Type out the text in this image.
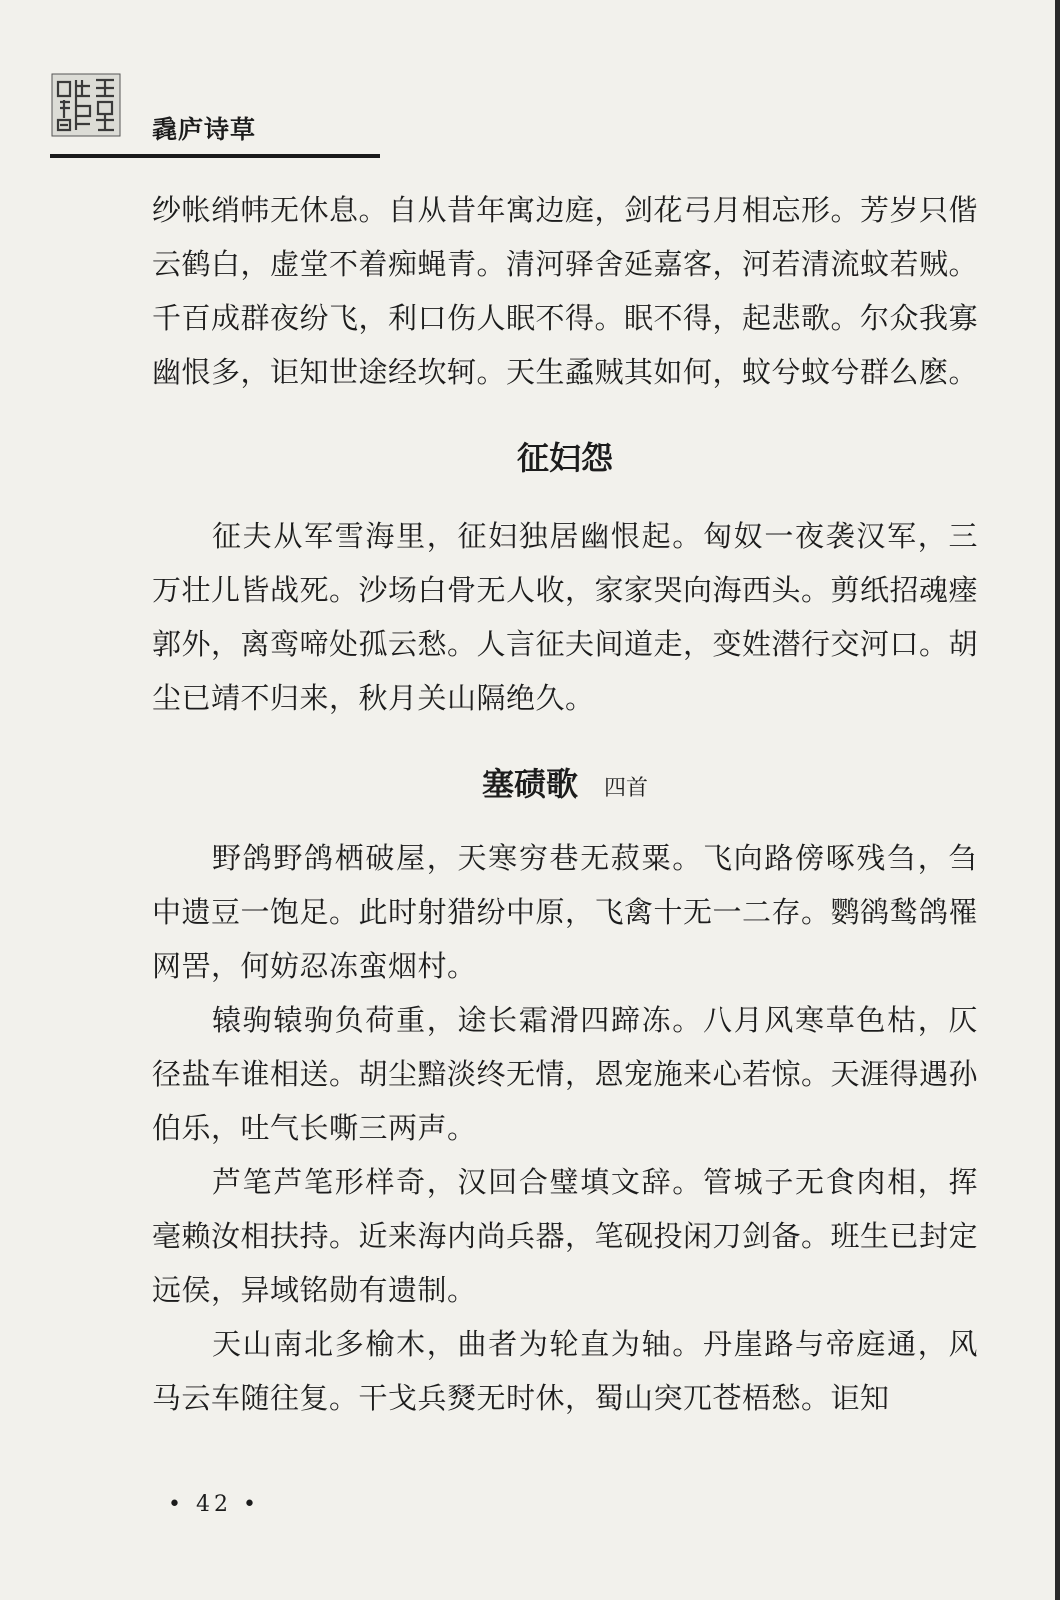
毳庐诗草

纱帐绡帏无休息。自从昔年寓边庭，剑花弓月相忘形。芳岁只偕云鹤白，虚堂不着痴蝇青。清河驿舍延嘉客，河若清流蚊若贼。千百成群夜纷飞，利口伤人眠不得。眠不得，起悲歌。尔众我寡幽恨多，讵知世途经坎轲。天生蟊贼其如何，蚊兮蚊兮群么麽。

征妇怨

征夫从军雪海里，征妇独居幽恨起。匈奴一夜袭汉军，三万壮儿皆战死。沙场白骨无人收，家家哭向海西头。剪纸招魂瘗郭外，离鸾啼处孤云愁。人言征夫间道走，变姓潜行交河口。胡尘已靖不归来，秋月关山隔绝久。

塞碛歌 四首

野鸽野鸽栖破屋，天寒穷巷无菽粟。飞向路傍啄残刍，刍中遗豆一饱足。此时射猎纷中原，飞禽十无一二存。鹦鹆鹙鸽罹网罟，何妨忍冻蛮烟村。

辕驹辕驹负荷重，途长霜滑四蹄冻。八月风寒草色枯，仄径盐车谁相送。胡尘黯淡终无情，恩宠施来心若惊。天涯得遇孙伯乐，吐气长嘶三两声。

芦笔芦笔形样奇，汉回合璧填文辞。管城子无食肉相，挥毫赖汝相扶持。近来海内尚兵器，笔砚投闲刀剑备。班生已封定远侯，异域铭勋有遗制。

天山南北多榆木，曲者为轮直为轴。丹崖路与帝庭通，风马云车随往复。干戈兵燹无时休，蜀山突兀苍梧愁。讵知

• 42 •
